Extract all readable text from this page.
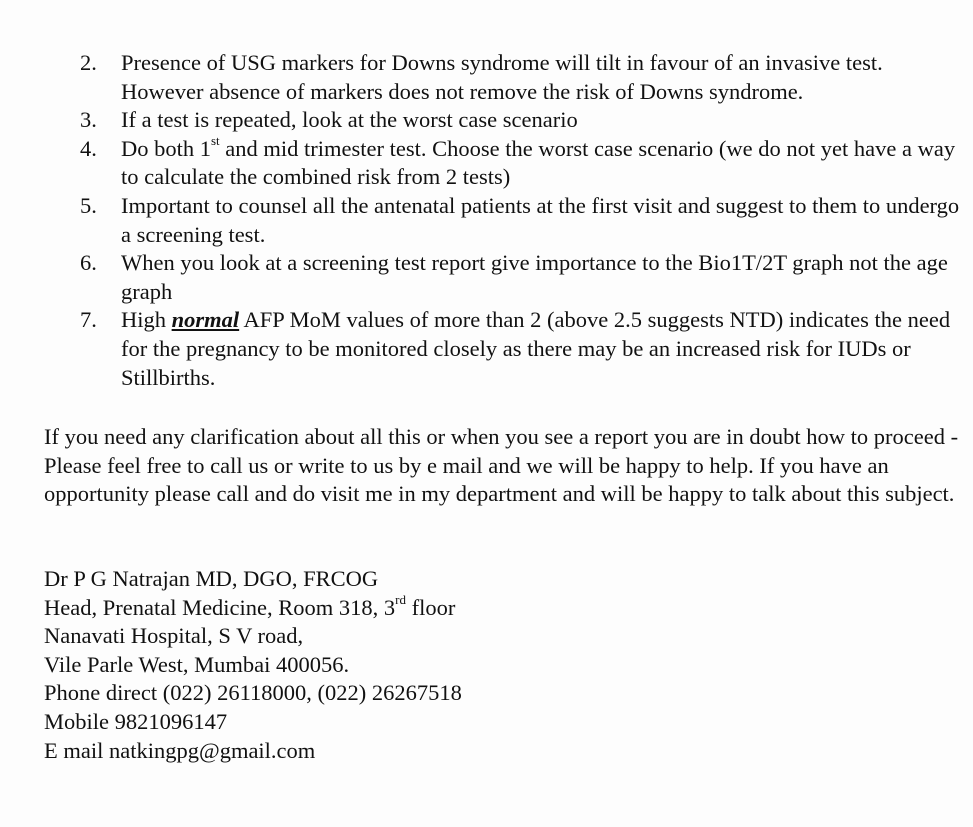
2. Presence of USG markers for Downs syndrome will tilt in favour of an invasive test. However absence of markers does not remove the risk of Downs syndrome.
3. If a test is repeated, look at the worst case scenario
4. Do both 1st and mid trimester test. Choose the worst case scenario (we do not yet have a way to calculate the combined risk from 2 tests)
5. Important to counsel all the antenatal patients at the first visit and suggest to them to undergo a screening test.
6. When you look at a screening test report give importance to the Bio1T/2T graph not the age graph
7. High normal AFP MoM values of more than 2 (above 2.5 suggests NTD) indicates the need for the pregnancy to be monitored closely as there may be an increased risk for IUDs or Stillbirths.

If you need any clarification about all this or when you see a report you are in doubt how to proceed - Please feel free to call us or write to us by e mail and we will be happy to help. If you have an opportunity please call and do visit me in my department and will be happy to talk about this subject.

Dr P G Natrajan MD, DGO, FRCOG
Head, Prenatal Medicine, Room 318, 3rd floor
Nanavati Hospital, S V road,
Vile Parle West, Mumbai 400056.
Phone direct (022) 26118000, (022) 26267518
Mobile 9821096147
E mail natkingpg@gmail.com
